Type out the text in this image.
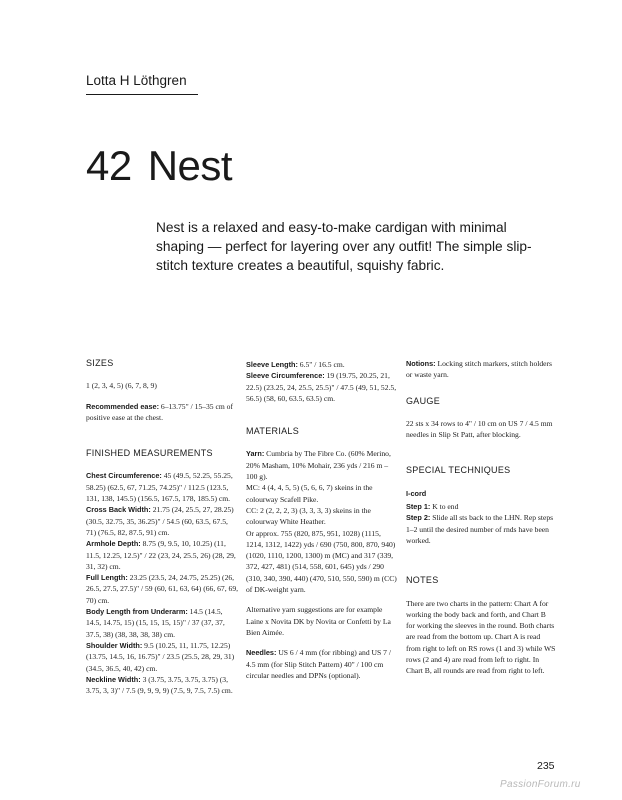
Lotta H Löthgren
42 Nest
Nest is a relaxed and easy-to-make cardigan with minimal shaping — perfect for layering over any outfit! The simple slip-stitch texture creates a beautiful, squishy fabric.
SIZES
1 (2, 3, 4, 5) (6, 7, 8, 9)
Recommended ease: 6–13.75" / 15–35 cm of positive ease at the chest.
FINISHED MEASUREMENTS
Chest Circumference: 45 (49.5, 52.25, 55.25, 58.25) (62.5, 67, 71.25, 74.25)" / 112.5 (123.5, 131, 138, 145.5) (156.5, 167.5, 178, 185.5) cm.
Cross Back Width: 21.75 (24, 25.5, 27, 28.25) (30.5, 32.75, 35, 36.25)" / 54.5 (60, 63.5, 67.5, 71) (76.5, 82, 87.5, 91) cm.
Armhole Depth: 8.75 (9, 9.5, 10, 10.25) (11, 11.5, 12.25, 12.5)" / 22 (23, 24, 25.5, 26) (28, 29, 31, 32) cm.
Full Length: 23.25 (23.5, 24, 24.75, 25.25) (26, 26.5, 27.5, 27.5)" / 59 (60, 61, 63, 64) (66, 67, 69, 70) cm.
Body Length from Underarm: 14.5 (14.5, 14.5, 14.75, 15) (15, 15, 15, 15)" / 37 (37, 37, 37.5, 38) (38, 38, 38, 38) cm.
Shoulder Width: 9.5 (10.25, 11, 11.75, 12.25) (13.75, 14.5, 16, 16.75)" / 23.5 (25.5, 28, 29, 31) (34.5, 36.5, 40, 42) cm.
Neckline Width: 3 (3.75, 3.75, 3.75, 3.75) (3, 3.75, 3, 3)" / 7.5 (9, 9, 9, 9) (7.5, 9, 7.5, 7.5) cm.
Sleeve Length: 6.5" / 16.5 cm.
Sleeve Circumference: 19 (19.75, 20.25, 21, 22.5) (23.25, 24, 25.5, 25.5)" / 47.5 (49, 51, 52.5, 56.5) (58, 60, 63.5, 63.5) cm.
MATERIALS
Yarn: Cumbria by The Fibre Co. (60% Merino, 20% Masham, 10% Mohair, 236 yds / 216 m – 100 g).
MC: 4 (4, 4, 5, 5) (5, 6, 6, 7) skeins in the colourway Scafell Pike.
CC: 2 (2, 2, 2, 3) (3, 3, 3, 3) skeins in the colourway White Heather.
Or approx. 755 (820, 875, 951, 1028) (1115, 1214, 1312, 1422) yds / 690 (750, 800, 870, 940) (1020, 1110, 1200, 1300) m (MC) and 317 (339, 372, 427, 481) (514, 558, 601, 645) yds / 290 (310, 340, 390, 440) (470, 510, 550, 590) m (CC) of DK-weight yarn.
Alternative yarn suggestions are for example Laine x Novita DK by Novita or Confetti by La Bien Aimée.
Needles: US 6 / 4 mm (for ribbing) and US 7 / 4.5 mm (for Slip Stitch Pattern) 40" / 100 cm circular needles and DPNs (optional).
Notions: Locking stitch markers, stitch holders or waste yarn.
GAUGE
22 sts x 34 rows to 4" / 10 cm on US 7 / 4.5 mm needles in Slip St Patt, after blocking.
SPECIAL TECHNIQUES
I-cord
Step 1: K to end
Step 2: Slide all sts back to the LHN. Rep steps 1–2 until the desired number of rnds have been worked.
NOTES
There are two charts in the pattern: Chart A for working the body back and forth, and Chart B for working the sleeves in the round. Both charts are read from the bottom up. Chart A is read from right to left on RS rows (1 and 3) while WS rows (2 and 4) are read from left to right. In Chart B, all rounds are read from right to left.
235
PassionForum.ru
